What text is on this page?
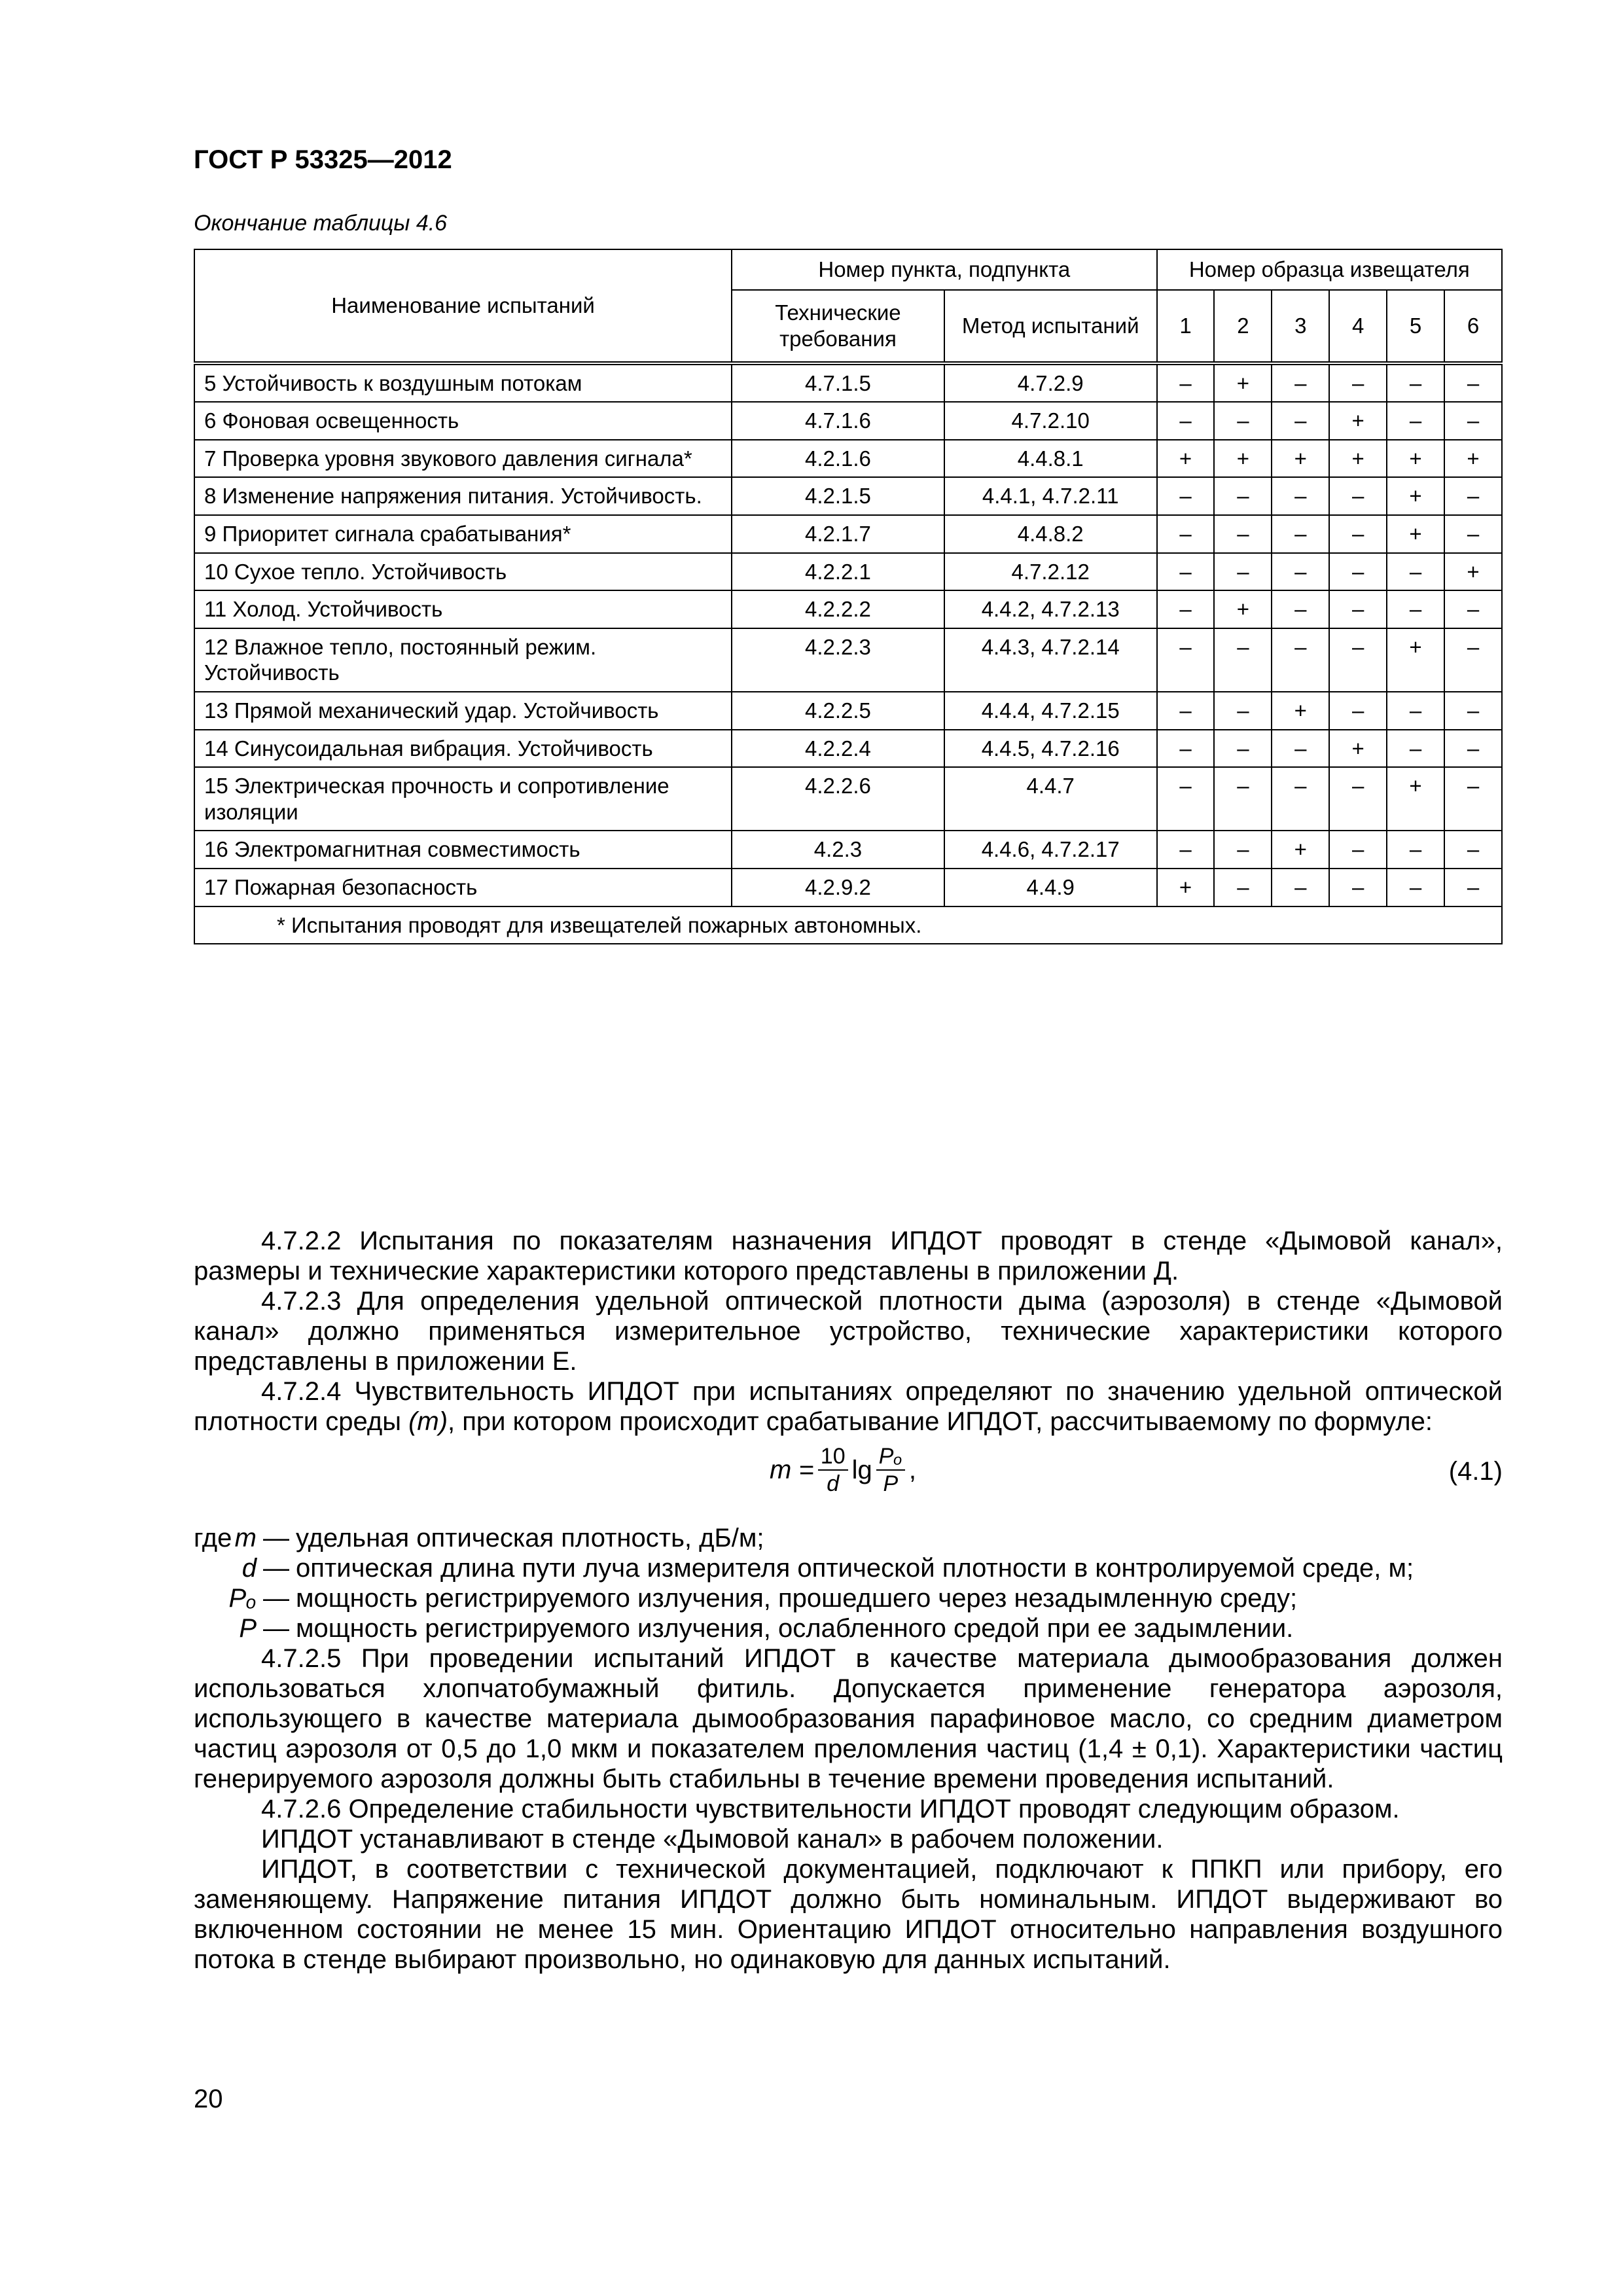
ГОСТ Р 53325—2012
Окончание таблицы 4.6
Наименование испытаний	Номер пункта, подпункта		Номер образца извещателя					
	Технические требования	Метод испытаний	1	2	3	4	5	6
5 Устойчивость к воздушным потокам	4.7.1.5	4.7.2.9	–	+	–	–	–	–
6 Фоновая освещенность	4.7.1.6	4.7.2.10	–	–	–	+	–	–
7 Проверка уровня звукового давления сигнала*	4.2.1.6	4.4.8.1	+	+	+	+	+	+
8 Изменение напряжения питания. Устойчивость.	4.2.1.5	4.4.1, 4.7.2.11	–	–	–	–	+	–
9 Приоритет сигнала срабатывания*	4.2.1.7	4.4.8.2	–	–	–	–	+	–
10 Сухое тепло. Устойчивость	4.2.2.1	4.7.2.12	–	–	–	–	–	+
11 Холод. Устойчивость	4.2.2.2	4.4.2, 4.7.2.13	–	+	–	–	–	–
12 Влажное тепло, постоянный режим. Устойчивость	4.2.2.3	4.4.3, 4.7.2.14	–	–	–	–	+	–
13 Прямой механический удар. Устойчивость	4.2.2.5	4.4.4, 4.7.2.15	–	–	+	–	–	–
14 Синусоидальная вибрация. Устойчивость	4.2.2.4	4.4.5, 4.7.2.16	–	–	–	+	–	–
15 Электрическая прочность и сопротивление изоляции	4.2.2.6	4.4.7	–	–	–	–	+	–
16 Электромагнитная совместимость	4.2.3	4.4.6, 4.7.2.17	–	–	+	–	–	–
17 Пожарная безопасность	4.2.9.2	4.4.9	+	–	–	–	–	–
* Испытания проводят для извещателей пожарных автономных.								

4.7.2.2 Испытания по показателям назначения ИПДОТ проводят в стенде «Дымовой канал», размеры и технические характеристики которого представлены в приложении Д.

4.7.2.3 Для определения удельной оптической плотности дыма (аэрозоля) в стенде «Дымовой канал» должно применяться измерительное устройство, технические характеристики которого представлены в приложении Е.

4.7.2.4 Чувствительность ИПДОТ при испытаниях определяют по значению удельной оптической плотности среды (m), при котором происходит срабатывание ИПДОТ, рассчитываемому по формуле:

$m = \frac{10}{d}$ $\lg \frac{\text{Pₒ}}{P}$ ,	(4.1)
где m — удельная оптическая плотность, дБ/м;
d — оптическая длина пути луча измерителя оптической плотности в контролируемой среде, м;
Pₒ — мощность регистрируемого излучения, прошедшего через незадымленную среду;
P — мощность регистрируемого излучения, ослабленного средой при ее задымлении.

4.7.2.5 При проведении испытаний ИПДОТ в качестве материала дымообразования должен использоваться хлопчатобумажный фитиль. Допускается применение генератора аэрозоля, использующего в качестве материала дымообразования парафиновое масло, со средним диаметром частиц аэрозоля от 0,5 до 1,0 мкм и показателем преломления частиц (1,4 ± 0,1). Характеристики частиц генерируемого аэрозоля должны быть стабильны в течение времени проведения испытаний.

4.7.2.6 Определение стабильности чувствительности ИПДОТ проводят следующим образом.

ИПДОТ устанавливают в стенде «Дымовой канал» в рабочем положении.

ИПДОТ, в соответствии с технической документацией, подключают к ППКП или прибору, его заменяющему. Напряжение питания ИПДОТ должно быть номинальным. ИПДОТ выдерживают во включенном состоянии не менее 15 мин. Ориентацию ИПДОТ относительно направления воздушного потока в стенде выбирают произвольно, но одинаковую для данных испытаний.

20
